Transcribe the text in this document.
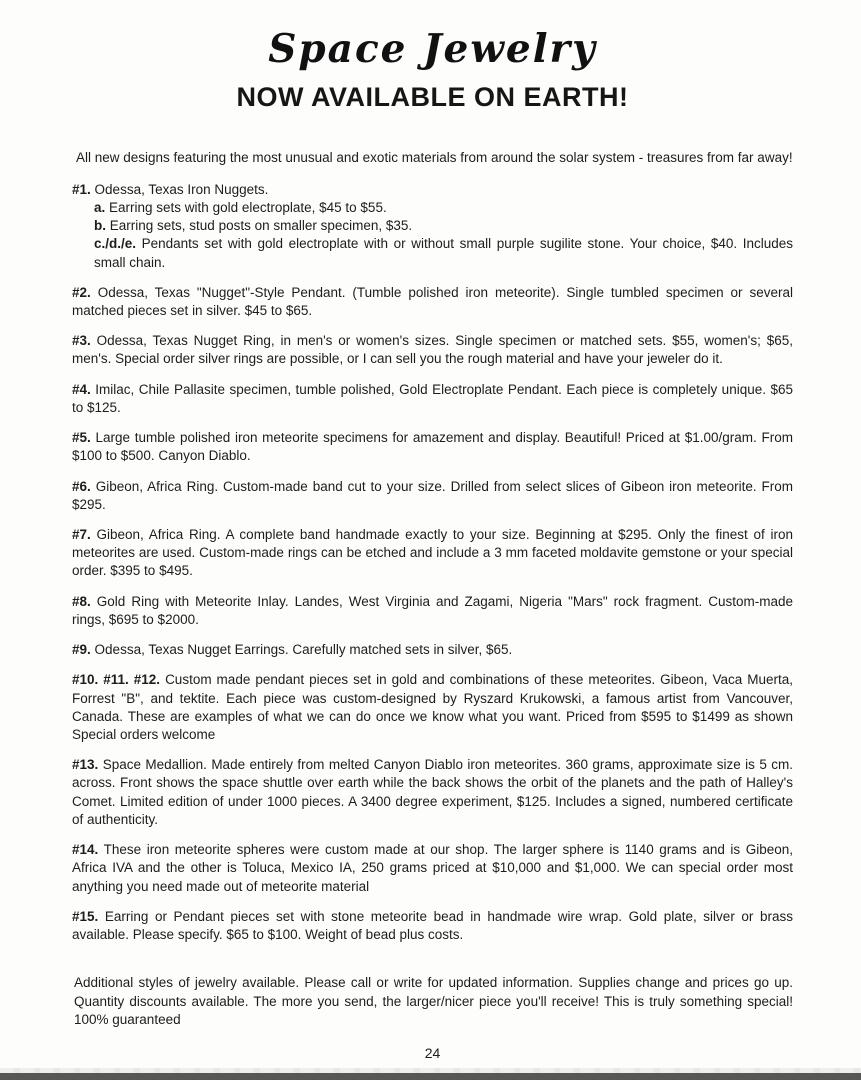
Space Jewelry
NOW AVAILABLE ON EARTH!

All new designs featuring the most unusual and exotic materials from around the solar system - treasures from far away!

#1. Odessa, Texas Iron Nuggets.
a. Earring sets with gold electroplate, $45 to $55.
b. Earring sets, stud posts on smaller specimen, $35.
c./d./e. Pendants set with gold electroplate with or without small purple sugilite stone. Your choice, $40. Includes small chain.
#2. Odessa, Texas "Nugget"-Style Pendant. (Tumble polished iron meteorite). Single tumbled specimen or several matched pieces set in silver. $45 to $65.
#3. Odessa, Texas Nugget Ring, in men's or women's sizes. Single specimen or matched sets. $55, women's; $65, men's. Special order silver rings are possible, or I can sell you the rough material and have your jeweler do it.
#4. Imilac, Chile Pallasite specimen, tumble polished, Gold Electroplate Pendant. Each piece is completely unique. $65 to $125.
#5. Large tumble polished iron meteorite specimens for amazement and display. Beautiful! Priced at $1.00/gram. From $100 to $500. Canyon Diablo.
#6. Gibeon, Africa Ring. Custom-made band cut to your size. Drilled from select slices of Gibeon iron meteorite. From $295.
#7. Gibeon, Africa Ring. A complete band handmade exactly to your size. Beginning at $295. Only the finest of iron meteorites are used. Custom-made rings can be etched and include a 3 mm faceted moldavite gemstone or your special order. $395 to $495.
#8. Gold Ring with Meteorite Inlay. Landes, West Virginia and Zagami, Nigeria "Mars" rock fragment. Custom-made rings, $695 to $2000.
#9. Odessa, Texas Nugget Earrings. Carefully matched sets in silver, $65.
#10. #11. #12. Custom made pendant pieces set in gold and combinations of these meteorites. Gibeon, Vaca Muerta, Forrest "B", and tektite. Each piece was custom-designed by Ryszard Krukowski, a famous artist from Vancouver, Canada. These are examples of what we can do once we know what you want. Priced from $595 to $1499 as shown Special orders welcome
#13. Space Medallion. Made entirely from melted Canyon Diablo iron meteorites. 360 grams, approximate size is 5 cm. across. Front shows the space shuttle over earth while the back shows the orbit of the planets and the path of Halley's Comet. Limited edition of under 1000 pieces. A 3400 degree experiment, $125. Includes a signed, numbered certificate of authenticity.
#14. These iron meteorite spheres were custom made at our shop. The larger sphere is 1140 grams and is Gibeon, Africa IVA and the other is Toluca, Mexico IA, 250 grams priced at $10,000 and $1,000. We can special order most anything you need made out of meteorite material
#15. Earring or Pendant pieces set with stone meteorite bead in handmade wire wrap. Gold plate, silver or brass available. Please specify. $65 to $100. Weight of bead plus costs.

Additional styles of jewelry available. Please call or write for updated information. Supplies change and prices go up. Quantity discounts available. The more you send, the larger/nicer piece you'll receive! This is truly something special! 100% guaranteed

24
